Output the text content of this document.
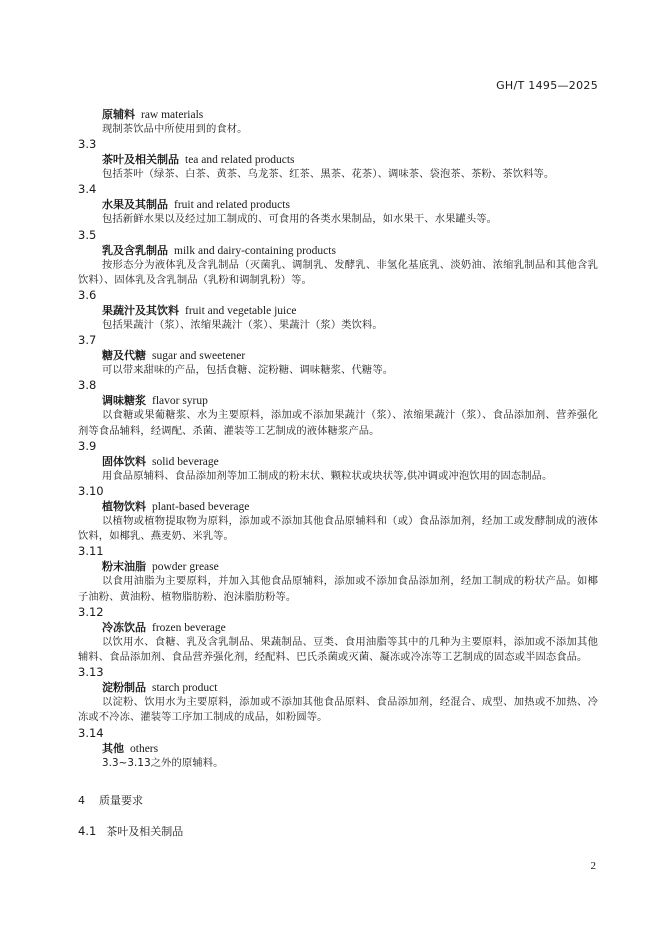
GH/T 1495—2025
原辅料 raw materials
现制茶饮品中所使用到的食材。
3.3
茶叶及相关制品 tea and related products
包括茶叶（绿茶、白茶、黄茶、乌龙茶、红茶、黑茶、花茶）、调味茶、袋泡茶、茶粉、茶饮料等。
3.4
水果及其制品 fruit and related products
包括新鲜水果以及经过加工制成的、可食用的各类水果制品，如水果干、水果罐头等。
3.5
乳及含乳制品 milk and dairy-containing products
按形态分为液体乳及含乳制品（灭菌乳、调制乳、发酵乳、非氢化基底乳、淡奶油、浓缩乳制品和其他含乳饮料）、固体乳及含乳制品（乳粉和调制乳粉）等。
3.6
果蔬汁及其饮料 fruit and vegetable juice
包括果蔬汁（浆）、浓缩果蔬汁（浆）、果蔬汁（浆）类饮料。
3.7
糖及代糖 sugar and sweetener
可以带来甜味的产品，包括食糖、淀粉糖、调味糖浆、代糖等。
3.8
调味糖浆 flavor syrup
以食糖或果葡糖浆、水为主要原料，添加或不添加果蔬汁（浆）、浓缩果蔬汁（浆）、食品添加剂、营养强化剂等食品辅料，经调配、杀菌、灌装等工艺制成的液体糖浆产品。
3.9
固体饮料 solid beverage
用食品原辅料、食品添加剂等加工制成的粉末状、颗粒状或块状等,供冲调或冲泡饮用的固态制品。
3.10
植物饮料 plant-based beverage
以植物或植物提取物为原料，添加或不添加其他食品原辅料和（或）食品添加剂，经加工或发酵制成的液体饮料，如椰乳、燕麦奶、米乳等。
3.11
粉末油脂 powder grease
以食用油脂为主要原料，并加入其他食品原辅料，添加或不添加食品添加剂，经加工制成的粉状产品。如椰子油粉、黄油粉、植物脂肪粉、泡沫脂肪粉等。
3.12
冷冻饮品 frozen beverage
以饮用水、食糖、乳及含乳制品、果蔬制品、豆类、食用油脂等其中的几种为主要原料，添加或不添加其他辅料、食品添加剂、食品营养强化剂，经配料、巴氏杀菌或灭菌、凝冻或冷冻等工艺制成的固态或半固态食品。
3.13
淀粉制品 starch product
以淀粉、饮用水为主要原料，添加或不添加其他食品原料、食品添加剂，经混合、成型、加热或不加热、冷冻或不冷冻、灌装等工序加工制成的成品，如粉圆等。
3.14
其他 others
3.3~3.13之外的原辅料。
4 质量要求
4.1 茶叶及相关制品
2
